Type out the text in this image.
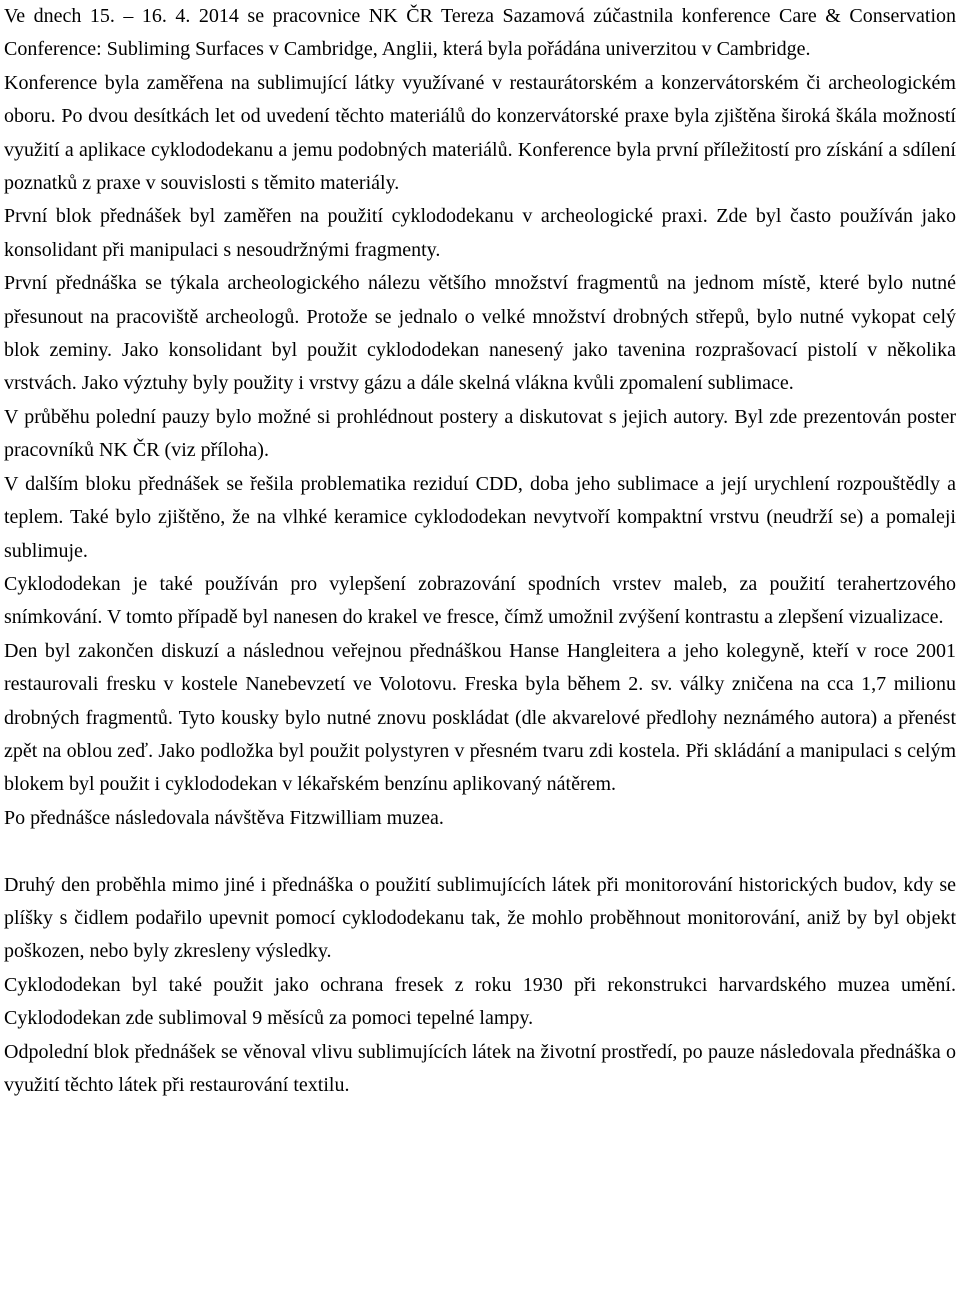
Ve dnech 15. – 16. 4. 2014 se pracovnice NK ČR Tereza Sazamová zúčastnila konference Care & Conservation Conference: Subliming Surfaces v Cambridge, Anglii, která byla pořádána univerzitou v Cambridge.

Konference byla zaměřena na sublimující látky využívané v restaurátorském a konzervátorském či archeologickém oboru. Po dvou desítkách let od uvedení těchto materiálů do konzervátorské praxe byla zjištěna široká škála možností využití a aplikace cyklododekanu a jemu podobných materiálů. Konference byla první příležitostí pro získání a sdílení poznatků z praxe v souvislosti s těmito materiály.

První blok přednášek byl zaměřen na použití cyklododekanu v archeologické praxi. Zde byl často používán jako konsolidant při manipulaci s nesoudržnými fragmenty.

První přednáška se týkala archeologického nálezu většího množství fragmentů na jednom místě, které bylo nutné přesunout na pracoviště archeologů. Protože se jednalo o velké množství drobných střepů, bylo nutné vykopat celý blok zeminy. Jako konsolidant byl použit cyklododekan nanesený jako tavenina rozprašovací pistolí v několika vrstvách. Jako výztuhy byly použity i vrstvy gázu a dále skelná vlákna kvůli zpomalení sublimace.

V průběhu polední pauzy bylo možné si prohlédnout postery a diskutovat s jejich autory. Byl zde prezentován poster pracovníků NK ČR (viz příloha).

V dalším bloku přednášek se řešila problematika reziduí CDD, doba jeho sublimace a její urychlení rozpouštědly a teplem. Také bylo zjištěno, že na vlhké keramice cyklododekan nevytvoří kompaktní vrstvu (neudrží se) a pomaleji sublimuje.

Cyklododekan je také používán pro vylepšení zobrazování spodních vrstev maleb, za použití terahertzového snímkování. V tomto případě byl nanesen do krakel ve fresce, čímž umožnil zvýšení kontrastu a zlepšení vizualizace.

Den byl zakončen diskuzí a následnou veřejnou přednáškou Hanse Hangleitera a jeho kolegyně, kteří v roce 2001 restaurovali fresku v kostele Nanebevzetí ve Volotovu. Freska byla během 2. sv. války zničena na cca 1,7 milionu drobných fragmentů. Tyto kousky bylo nutné znovu poskládat (dle akvarelové předlohy neznámého autora) a přenést zpět na oblou zeď. Jako podložka byl použit polystyren v přesném tvaru zdi kostela. Při skládání a manipulaci s celým blokem byl použit i cyklododekan v lékařském benzínu aplikovaný nátěrem.

Po přednášce následovala návštěva Fitzwilliam muzea.

Druhý den proběhla mimo jiné i přednáška o použití sublimujících látek při monitorování historických budov, kdy se plíšky s čidlem podařilo upevnit pomocí cyklododekanu tak, že mohlo proběhnout monitorování, aniž by byl objekt poškozen, nebo byly zkresleny výsledky.

Cyklododekan byl také použit jako ochrana fresek z roku 1930 při rekonstrukci harvardského muzea umění. Cyklododekan zde sublimoval 9 měsíců za pomoci tepelné lampy.

Odpolední blok přednášek se věnoval vlivu sublimujících látek na životní prostředí, po pauze následovala přednáška o využití těchto látek při restaurování textilu.
